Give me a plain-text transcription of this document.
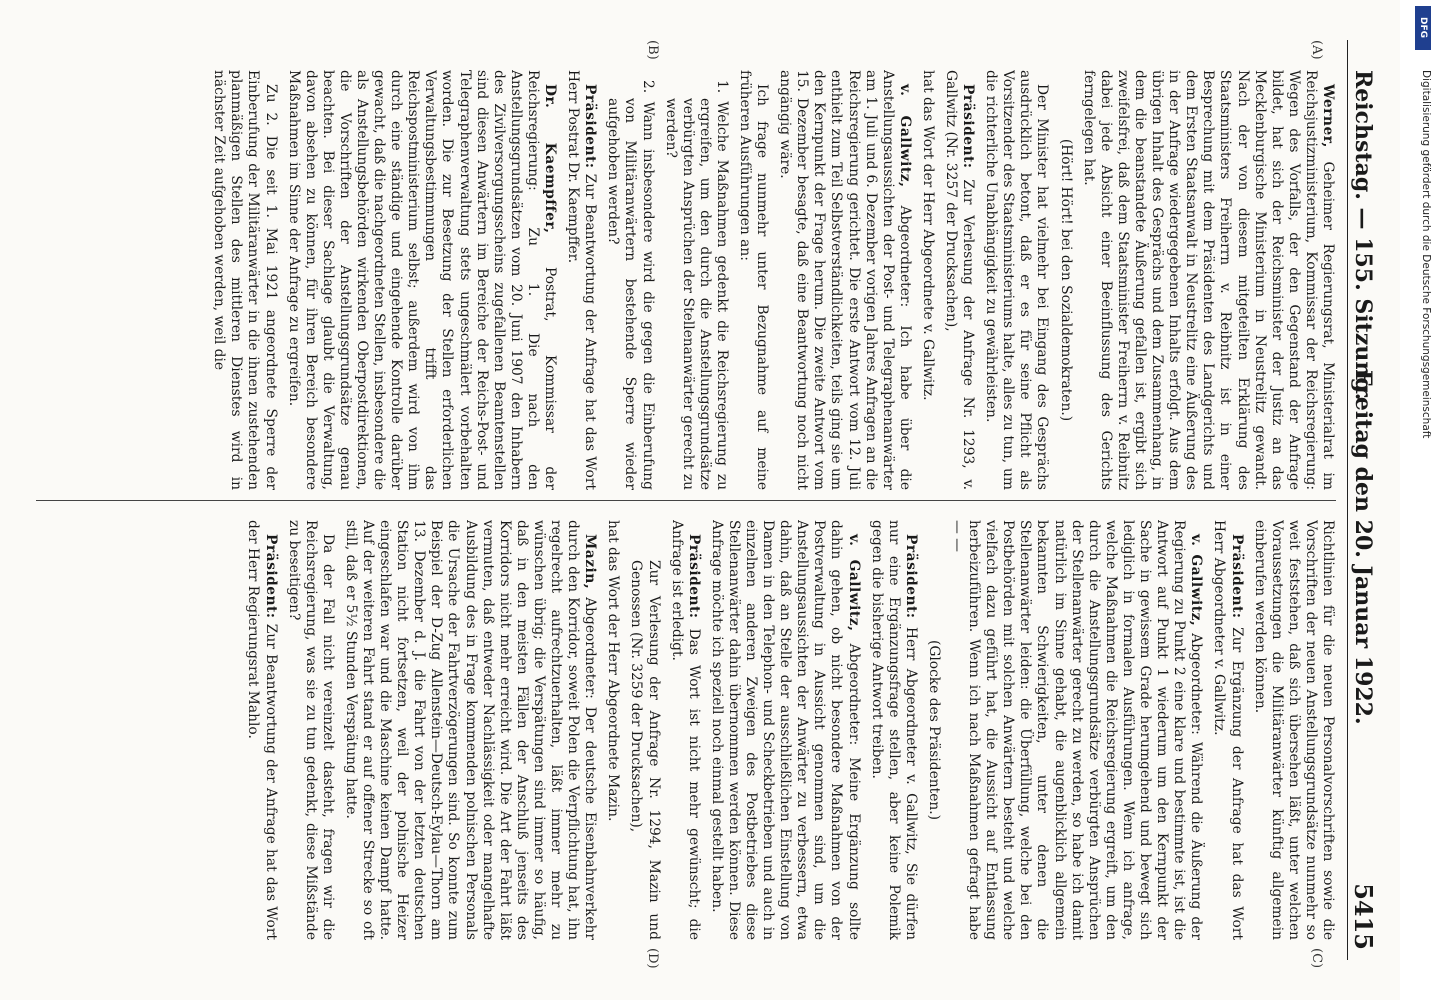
Reichstag. — 155. Sitzung.
Freitag den 20. Januar 1922.
5415
(A)
(B)
(C)
(D)

Werner, Geheimer Regierungsrat, Ministerialrat im Reichsjustizministerium, Kommissar der Reichsregierung: Wegen des Vorfalls, der den Gegenstand der Anfrage bildet, hat sich der Reichsminister der Justiz an das Mecklenburgische Ministerium in Neustrelitz gewandt. Nach der von diesem mitgeteilten Erklärung des Staatsministers Freiherrn v. Reibnitz ist in einer Besprechung mit dem Präsidenten des Landgerichts und dem Ersten Staatsanwalt in Neustrelitz eine Äußerung des in der Anfrage wiedergegebenen Inhalts erfolgt. Aus dem übrigen Inhalt des Gesprächs und dem Zusammenhang, in dem die beanstandete Äußerung gefallen ist, ergibt sich zweifelsfrei, daß dem Staatsminister Freiherrn v. Reibnitz dabei jede Absicht einer Beeinflussung des Gerichts ferngelegen hat.

(Hört! Hört! bei den Sozialdemokraten.)

Der Minister hat vielmehr bei Eingang des Gesprächs ausdrücklich betont, daß er es für seine Pflicht als Vorsitzender des Staatsministeriums halte, alles zu tun, um die richterliche Unabhängigkeit zu gewährleisten.

Präsident: Zur Verlesung der Anfrage Nr. 1293, v. Gallwitz (Nr. 3257 der Drucksachen),

hat das Wort der Herr Abgeordnete v. Gallwitz.

v. Gallwitz, Abgeordneter: Ich habe über die Anstellungsaussichten der Post- und Telegraphenanwärter am 1. Juli und 6. Dezember vorigen Jahres Anfragen an die Reichsregierung gerichtet. Die erste Antwort vom 12. Juli enthielt zum Teil Selbstverständlichkeiten, teils ging sie um den Kernpunkt der Frage herum. Die zweite Antwort vom 15. Dezember besagte, daß eine Beantwortung noch nicht angängig wäre.

Ich frage nunmehr unter Bezugnahme auf meine früheren Ausführungen an:

1. Welche Maßnahmen gedenkt die Reichsregierung zu ergreifen, um den durch die Anstellungsgrundsätze verbürgten Ansprüchen der Stellenanwärter gerecht zu werden?

2. Wann insbesondere wird die gegen die Einberufung von Militäranwärtern bestehende Sperre wieder aufgehoben werden?

Präsident: Zur Beantwortung der Anfrage hat das Wort Herr Postrat Dr. Kaempffer.

Dr. Kaempffer, Postrat, Kommissar der Reichsregierung: Zu 1. Die nach den Anstellungsgrundsätzen vom 20. Juni 1907 den Inhabern des Zivilversorgungsscheins zugefallenen Beamtenstellen sind diesen Anwärtern im Bereiche der Reichs-Post- und Telegraphenverwaltung stets ungeschmälert vorbehalten worden. Die zur Besetzung der Stellen erforderlichen Verwaltungsbestimmungen trifft das Reichspostministerium selbst; außerdem wird von ihm durch eine ständige und eingehende Kontrolle darüber gewacht, daß die nachgeordneten Stellen, insbesondere die als Anstellungsbehörden wirkenden Oberpostdirektionen, die Vorschriften der Anstellungsgrundsätze genau beachten. Bei dieser Sachlage glaubt die Verwaltung, davon absehen zu können, für ihren Bereich besondere Maßnahmen im Sinne der Anfrage zu ergreifen.

Zu 2. Die seit 1. Mai 1921 angeordnete Sperre der Einberufung der Militäranwärter in die ihnen zustehenden planmäßigen Stellen des mittleren Dienstes wird in nächster Zeit aufgehoben werden, weil die

Richtlinien für die neuen Personalvorschriften sowie die Vorschriften der neuen Anstellungsgrundsätze nunmehr so weit feststehen, daß sich übersehen läßt, unter welchen Voraussetzungen die Militäranwärter künftig allgemein einberufen werden können.

Präsident: Zur Ergänzung der Anfrage hat das Wort Herr Abgeordneter v. Gallwitz.

v. Gallwitz, Abgeordneter: Während die Äußerung der Regierung zu Punkt 2 eine klare und bestimmte ist, ist die Antwort auf Punkt 1 wiederum um den Kernpunkt der Sache in gewissem Grade herumgehend und bewegt sich lediglich in formalen Ausführungen. Wenn ich anfrage, welche Maßnahmen die Reichsregierung ergreift, um den durch die Anstellungsgrundsätze verbürgten Ansprüchen der Stellenanwärter gerecht zu werden, so habe ich damit natürlich im Sinne gehabt, die augenblicklich allgemein bekannten Schwierigkeiten, unter denen die Stellenanwärter leiden: die Überfüllung, welche bei den Postbehörden mit solchen Anwärtern besteht und welche vielfach dazu geführt hat, die Aussicht auf Entlassung herbeizuführen. Wenn ich nach Maßnahmen gefragt habe — —

(Glocke des Präsidenten.)

Präsident: Herr Abgeordneter v. Gallwitz, Sie dürfen nur eine Ergänzungsfrage stellen, aber keine Polemik gegen die bisherige Antwort treiben.

v. Gallwitz, Abgeordneter: Meine Ergänzung sollte dahin gehen, ob nicht besondere Maßnahmen von der Postverwaltung in Aussicht genommen sind, um die Anstellungsaussichten der Anwärter zu verbessern, etwa dahin, daß an Stelle der ausschließlichen Einstellung von Damen in den Telephon- und Scheckbetrieben und auch in einzelnen anderen Zweigen des Postbetriebes diese Stellenanwärter dahin übernommen werden können. Diese Anfrage möchte ich speziell noch einmal gestellt haben.

Präsident: Das Wort ist nicht mehr gewünscht; die Anfrage ist erledigt.

Zur Verlesung der Anfrage Nr. 1294, Mazin und Genossen (Nr. 3259 der Drucksachen),

hat das Wort der Herr Abgeordnete Mazin.

Mazin, Abgeordneter: Der deutsche Eisenbahnverkehr durch den Korridor, soweit Polen die Verpflichtung hat, ihn regelrecht aufrechtzuerhalten, läßt immer mehr zu wünschen übrig; die Verspätungen sind immer so häufig, daß in den meisten Fällen der Anschluß jenseits des Korridors nicht mehr erreicht wird. Die Art der Fahrt läßt vermuten, daß entweder Nachlässigkeit oder mangelhafte Ausbildung des in Frage kommenden polnischen Personals die Ursache der Fahrtverzögerungen sind. So konnte zum Beispiel der D-Zug Allenstein—Deutsch-Eylau—Thorn am 13. Dezember d. J. die Fahrt von der letzten deutschen Station nicht fortsetzen, weil der polnische Heizer eingeschlafen war und die Maschine keinen Dampf hatte. Auf der weiteren Fahrt stand er auf offener Strecke so oft still, daß er 5½ Stunden Verspätung hatte.

Da der Fall nicht vereinzelt dasteht, fragen wir die Reichsregierung, was sie zu tun gedenkt, diese Mißstände zu beseitigen?

Präsident: Zur Beantwortung der Anfrage hat das Wort der Herr Regierungsrat Mahlo.

DFG
Digitalisierung gefördert durch die Deutsche Forschungsgemeinschaft
